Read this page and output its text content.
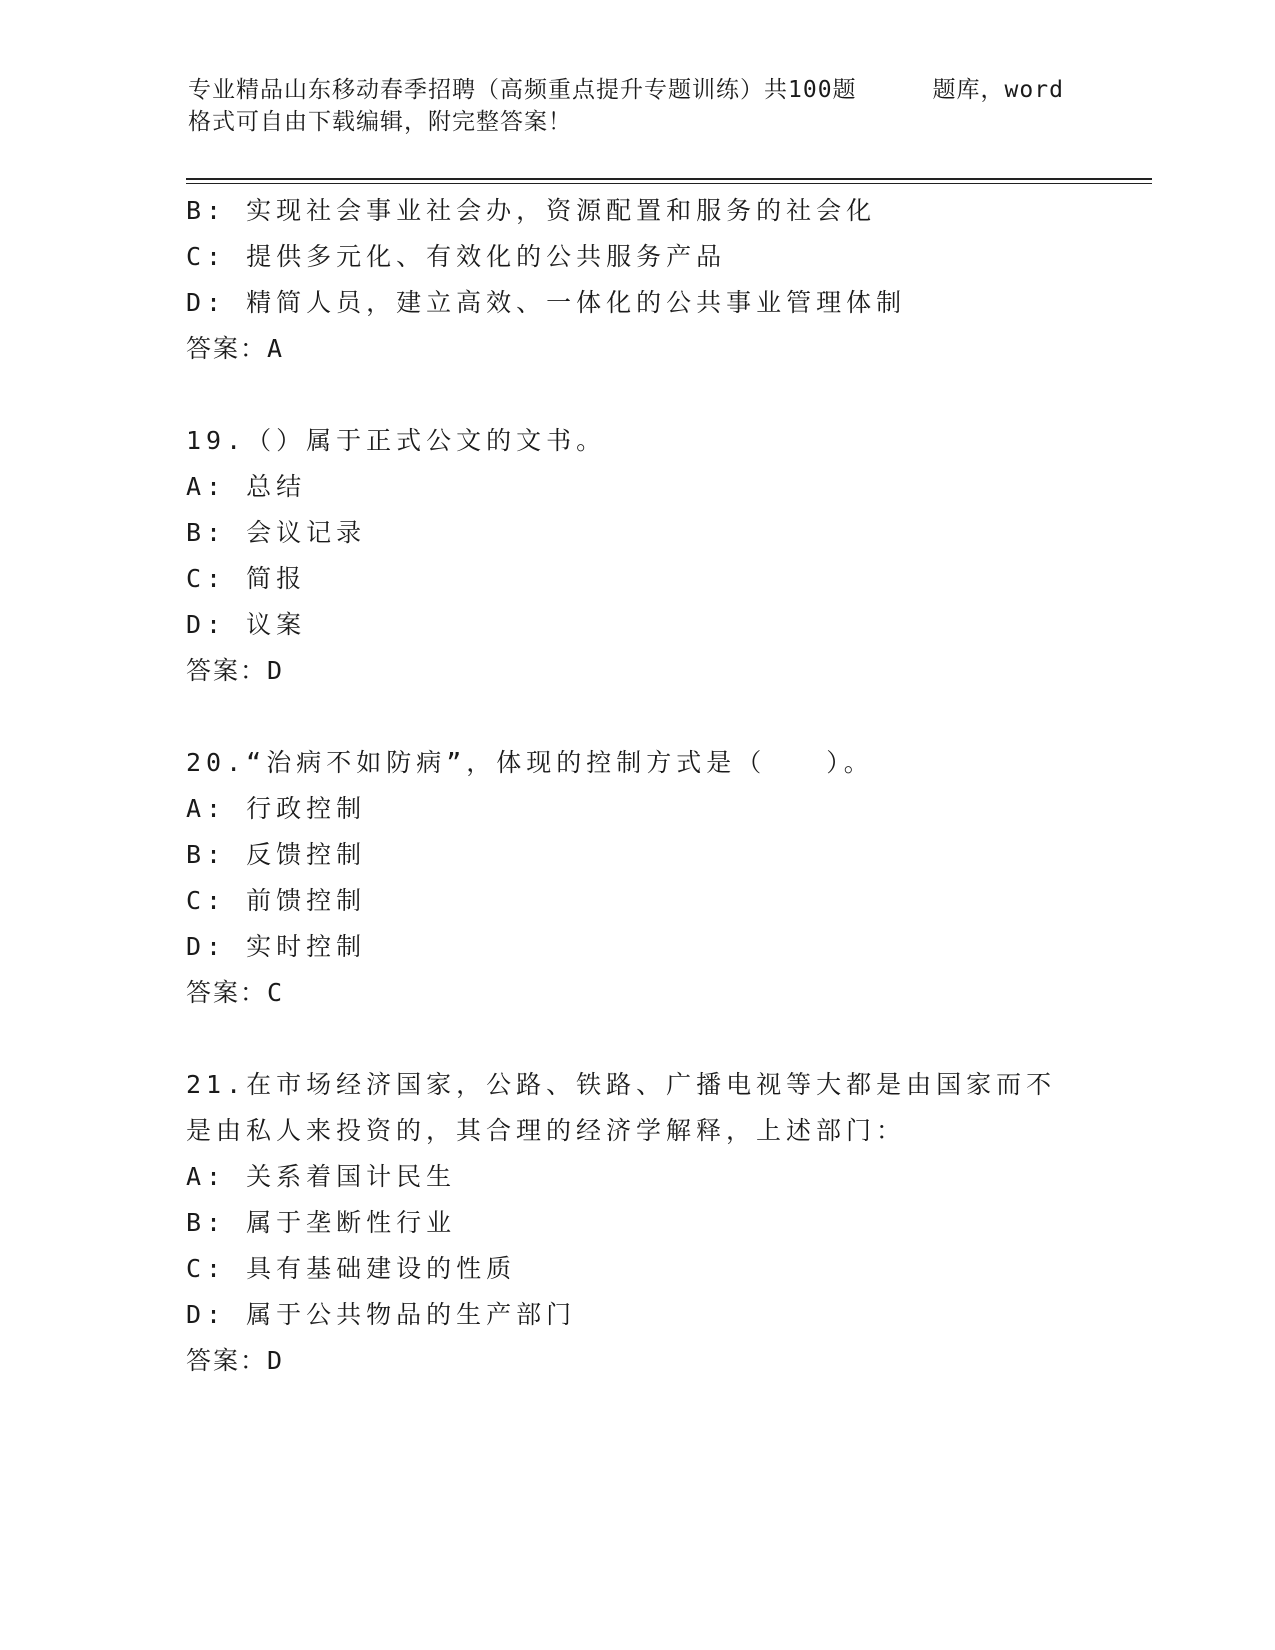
专业精品山东移动春季招聘（高频重点提升专题训练）共100题	题库，word
格式可自由下载编辑，附完整答案！
B: 实现社会事业社会办，资源配置和服务的社会化
C: 提供多元化、有效化的公共服务产品
D: 精简人员，建立高效、一体化的公共事业管理体制
答案：A
19.（）属于正式公文的文书。
A: 总结
B: 会议记录
C: 简报
D: 议案
答案：D
20.“治病不如防病”，体现的控制方式是（　　）。
A: 行政控制
B: 反馈控制
C: 前馈控制
D: 实时控制
答案：C
21.在市场经济国家，公路、铁路、广播电视等大都是由国家而不是由私人来投资的，其合理的经济学解释，上述部门：
A: 关系着国计民生
B: 属于垄断性行业
C: 具有基础建设的性质
D: 属于公共物品的生产部门
答案：D
